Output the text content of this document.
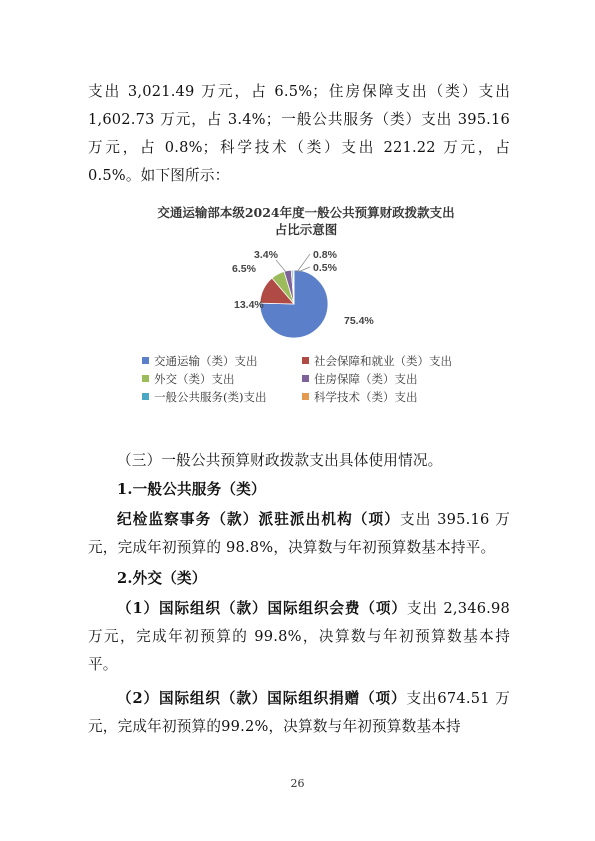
支出 3,021.49 万元，占 6.5%；住房保障支出（类）支出 1,602.73 万元，占 3.4%；一般公共服务（类）支出 395.16 万元，占 0.8%；科学技术（类）支出 221.22 万元，占 0.5%。如下图所示：

交通运输部本级2024年度一般公共预算财政拨款支出
占比示意图
75.4%
13.4%
6.5%
3.4%	0.8%
0.5%
交通运输（类）支出	社会保障和就业（类）支出
外交（类）支出	住房保障（类）支出
一般公共服务(类)支出	科学技术（类）支出

（三）一般公共预算财政拨款支出具体使用情况。

1.一般公共服务（类）

纪检监察事务（款）派驻派出机构（项）支出 395.16 万元，完成年初预算的 98.8%，决算数与年初预算数基本持平。

2.外交（类）

（1）国际组织（款）国际组织会费（项）支出 2,346.98 万元，完成年初预算的 99.8%，决算数与年初预算数基本持平。

（2）国际组织（款）国际组织捐赠（项）支出674.51 万元，完成年初预算的99.2%，决算数与年初预算数基本持

26
